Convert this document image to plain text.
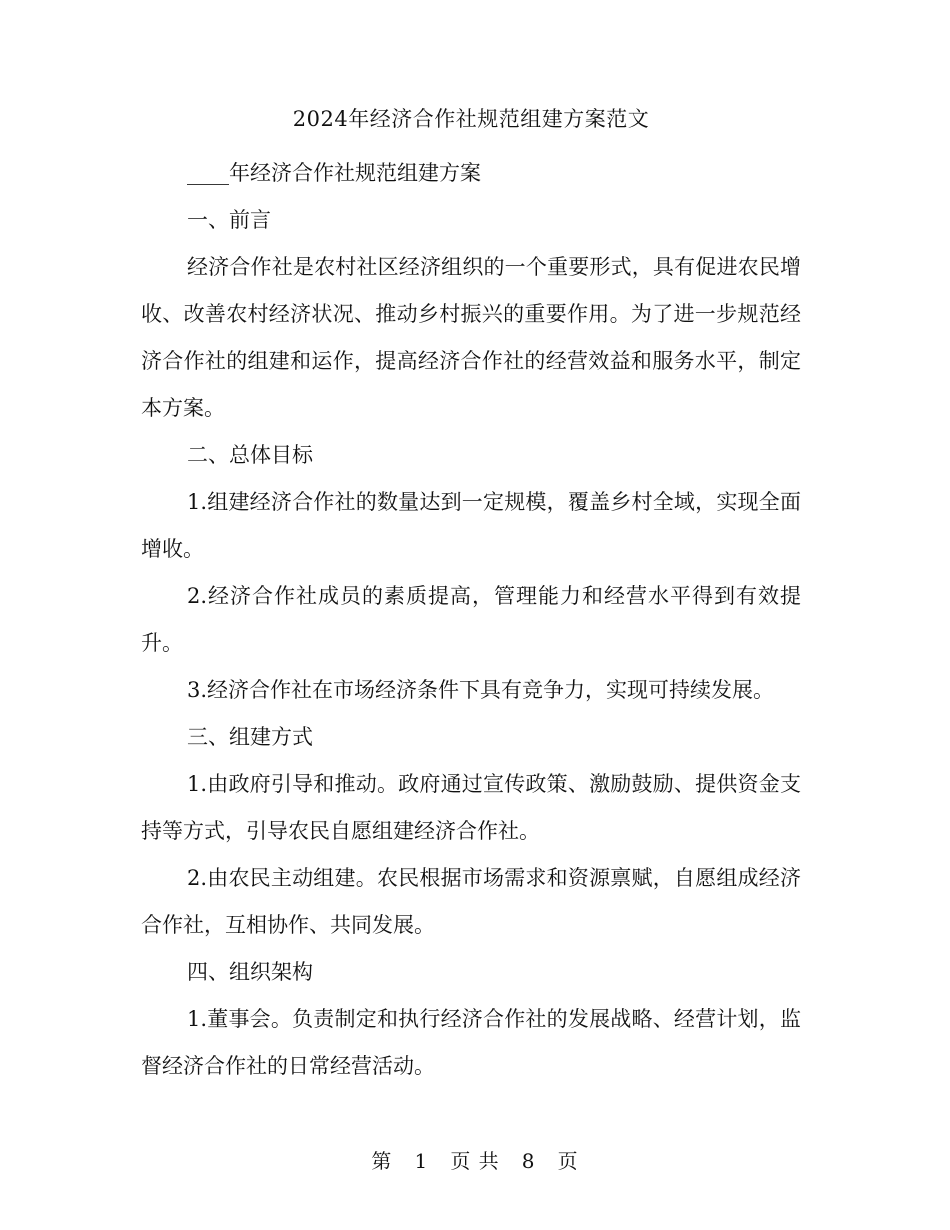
2024年经济合作社规范组建方案范文

____年经济合作社规范组建方案

一、前言

经济合作社是农村社区经济组织的一个重要形式，具有促进农民增收、改善农村经济状况、推动乡村振兴的重要作用。为了进一步规范经济合作社的组建和运作，提高经济合作社的经营效益和服务水平，制定本方案。

二、总体目标

1.组建经济合作社的数量达到一定规模，覆盖乡村全域，实现全面增收。

2.经济合作社成员的素质提高，管理能力和经营水平得到有效提升。

3.经济合作社在市场经济条件下具有竞争力，实现可持续发展。

三、组建方式

1.由政府引导和推动。政府通过宣传政策、激励鼓励、提供资金支持等方式，引导农民自愿组建经济合作社。

2.由农民主动组建。农民根据市场需求和资源禀赋，自愿组成经济合作社，互相协作、共同发展。

四、组织架构

1.董事会。负责制定和执行经济合作社的发展战略、经营计划，监督经济合作社的日常经营活动。

第 1 页 共 8 页
